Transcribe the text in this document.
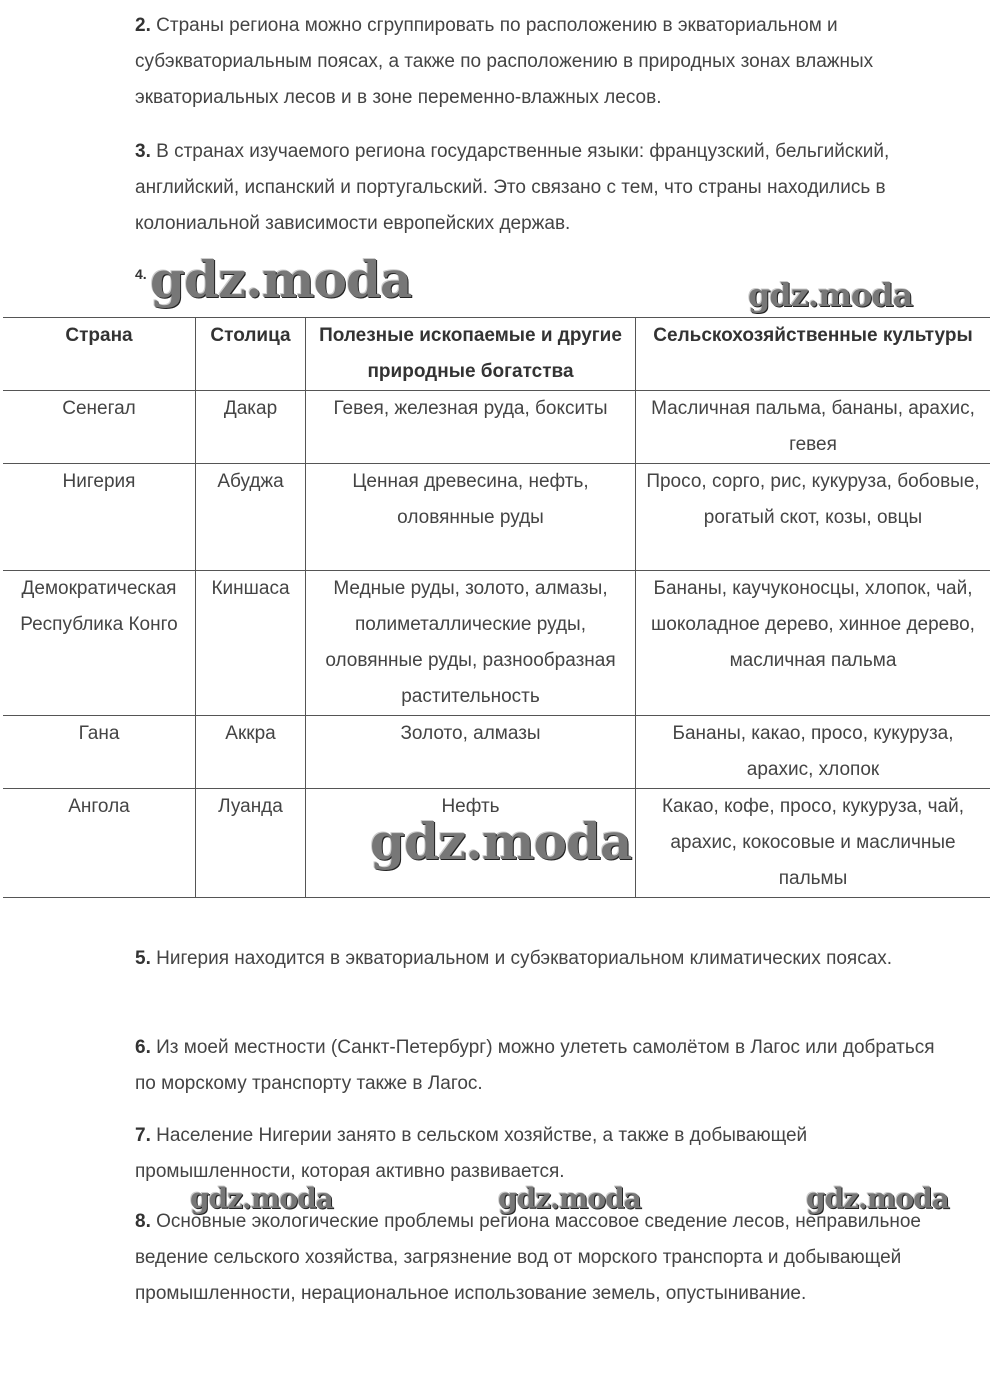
2. Страны региона можно сгруппировать по расположению в экваториальном и субэкваториальным поясах, а также по расположению в природных зонах влажных экваториальных лесов и в зоне переменно-влажных лесов.
3. В странах изучаемого региона государственные языки: французский, бельгийский, английский, испанский и португальский. Это связано с тем, что страны находились в колониальной зависимости европейских держав.
4.
Страна	Столица	Полезные ископаемые и другие природные богатства	Сельскохозяйственные культуры
Сенегал	Дакар	Гевея, железная руда, бокситы	Масличная пальма, бананы, арахис, гевея
Нигерия	Абуджа	Ценная древесина, нефть, оловянные руды	Просо, сорго, рис, кукуруза, бобовые, рогатый скот, козы, овцы
Демократическая Республика Конго	Киншаса	Медные руды, золото, алмазы, полиметаллические руды, оловянные руды, разнообразная растительность	Бананы, каучуконосцы, хлопок, чай, шоколадное дерево, хинное дерево, масличная пальма
Гана	Аккра	Золото, алмазы	Бананы, какао, просо, кукуруза, арахис, хлопок
Ангола	Луанда	Нефть	Какао, кофе, просо, кукуруза, чай, арахис, кокосовые и масличные пальмы
5. Нигерия находится в экваториальном и субэкваториальном климатических поясах.
6. Из моей местности (Санкт-Петербург) можно улететь самолётом в Лагос или добраться по морскому транспорту также в Лагос.
7. Население Нигерии занято в сельском хозяйстве, а также в добывающей промышленности, которая активно развивается.
8. Основные экологические проблемы региона массовое сведение лесов, неправильное ведение сельского хозяйства, загрязнение вод от морского транспорта и добывающей промышленности, нерациональное использование земель, опустынивание.
gdz.moda	gdz.moda
gdz.moda
gdz.moda	gdz.moda	gdz.moda
